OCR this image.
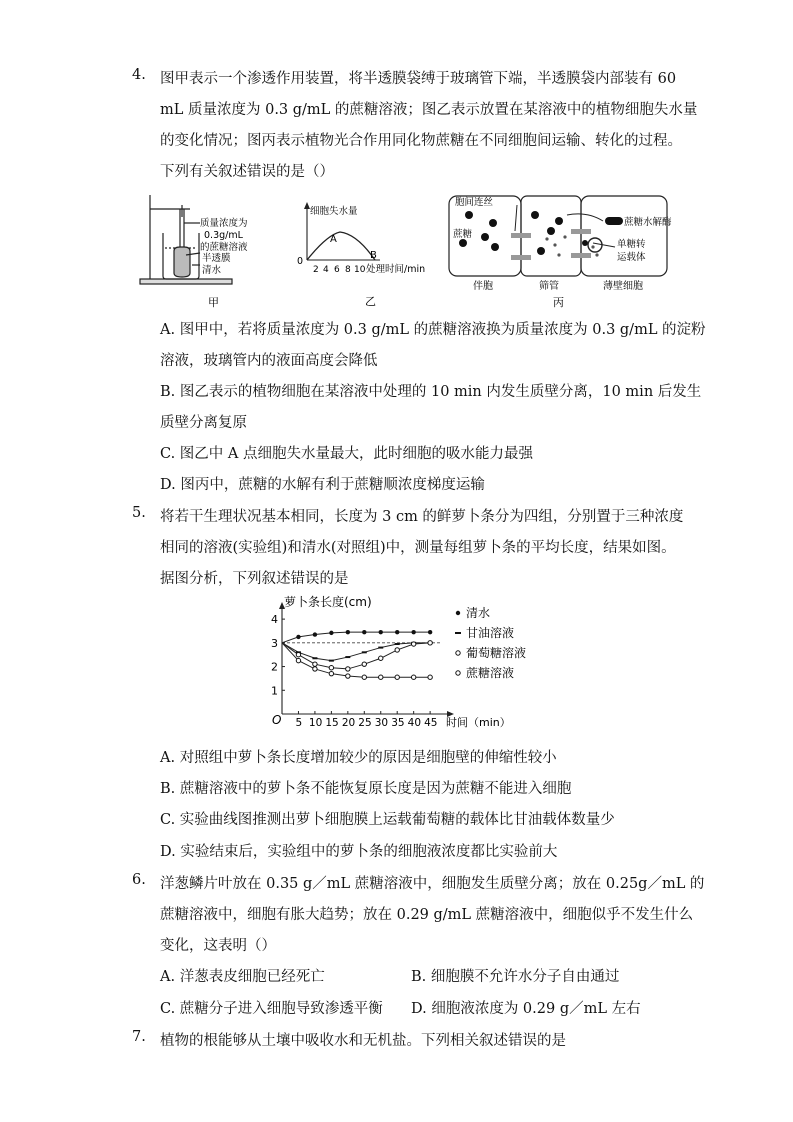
4. 图甲表示一个渗透作用装置，将半透膜袋缚于玻璃管下端，半透膜袋内部装有 60
mL 质量浓度为 0.3 g/mL 的蔗糖溶液；图乙表示放置在某溶液中的植物细胞失水量
的变化情况；图丙表示植物光合作用同化物蔗糖在不同细胞间运输、转化的过程。
下列有关叙述错误的是（）
质量浓度为
0.3g/mL
的蔗糖溶液
半透膜
清水
甲
细胞失水量
0
2 4 6 8 10 处理时间/min
A
B
乙
胞间连丝
蔗糖
蔗糖水解酶
单糖转
运载体
伴胞	筛管	薄壁细胞
丙
A. 图甲中，若将质量浓度为 0.3 g/mL 的蔗糖溶液换为质量浓度为 0.3 g/mL 的淀粉
溶液，玻璃管内的液面高度会降低
B. 图乙表示的植物细胞在某溶液中处理的 10 min 内发生质壁分离，10 min 后发生
质壁分离复原
C. 图乙中 A 点细胞失水量最大，此时细胞的吸水能力最强
D. 图丙中，蔗糖的水解有利于蔗糖顺浓度梯度运输
5. 将若干生理状况基本相同，长度为 3 cm 的鲜萝卜条分为四组，分别置于三种浓度
相同的溶液(实验组)和清水(对照组)中，测量每组萝卜条的平均长度，结果如图。
据图分析，下列叙述错误的是
萝卜条长度(cm)
O	时间（min）
1
2
3
4
5 10 15 20 25 30 35 40 45
清水
甘油溶液
葡萄糖溶液
蔗糖溶液
A. 对照组中萝卜条长度增加较少的原因是细胞壁的伸缩性较小
B. 蔗糖溶液中的萝卜条不能恢复原长度是因为蔗糖不能进入细胞
C. 实验曲线图推测出萝卜细胞膜上运载葡萄糖的载体比甘油载体数量少
D. 实验结束后，实验组中的萝卜条的细胞液浓度都比实验前大
6. 洋葱鳞片叶放在 0.35 g／mL 蔗糖溶液中，细胞发生质壁分离；放在 0.25g／mL 的
蔗糖溶液中，细胞有胀大趋势；放在 0.29 g/mL 蔗糖溶液中，细胞似乎不发生什么
变化，这表明（）
A. 洋葱表皮细胞已经死亡	B. 细胞膜不允许水分子自由通过
C. 蔗糖分子进入细胞导致渗透平衡 D. 细胞液浓度为 0.29 g／mL 左右
7. 植物的根能够从土壤中吸收水和无机盐。下列相关叙述错误的是
